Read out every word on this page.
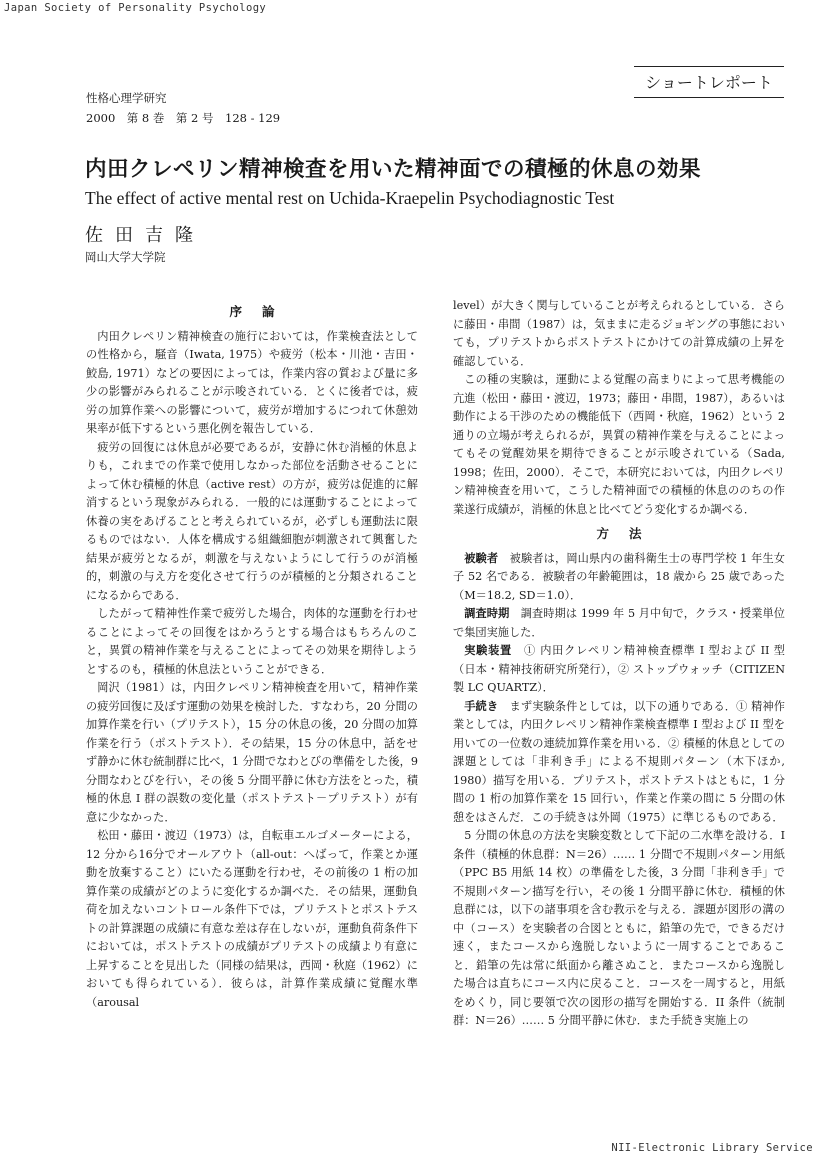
Japan Society of Personality Psychology
ショートレポート
性格心理学研究
2000　第 8 巻　第 2 号　128 - 129
内田クレペリン精神検査を用いた精神面での積極的休息の効果
The effect of active mental rest on Uchida-Kraepelin Psychodiagnostic Test
佐田吉隆
岡山大学大学院
序論

内田クレペリン精神検査の施行においては，作業検査法としての性格から，騒音（Iwata, 1975）や疲労（松本・川池・吉田・鮫島, 1971）などの要因によっては，作業内容の質および量に多少の影響がみられることが示唆されている．とくに後者では，疲労の加算作業への影響について，疲労が増加するにつれて休憩効果率が低下するという悪化例を報告している．

疲労の回復には休息が必要であるが，安静に休む消極的休息よりも，これまでの作業で使用しなかった部位を活動させることによって休む積極的休息（active rest）の方が，疲労は促進的に解消するという現象がみられる．一般的には運動することによって休養の実をあげることと考えられているが，必ずしも運動法に限るものではない．人体を構成する組織細胞が刺激されて興奮した結果が疲労となるが，刺激を与えないようにして行うのが消極的，刺激の与え方を変化させて行うのが積極的と分類されることになるからである．

したがって精神性作業で疲労した場合，肉体的な運動を行わせることによってその回復をはかろうとする場合はもちろんのこと，異質の精神作業を与えることによってその効果を期待しようとするのも，積極的休息法ということができる．

岡沢（1981）は，内田クレペリン精神検査を用いて，精神作業の疲労回復に及ぼす運動の効果を検討した．すなわち，20 分間の加算作業を行い（プリテスト），15 分の休息の後，20 分間の加算作業を行う（ポストテスト）．その結果，15 分の休息中，話をせず静かに休む統制群に比べ，1 分間でなわとびの準備をした後，9 分間なわとびを行い，その後 5 分間平静に休む方法をとった，積極的休息 I 群の誤数の変化量（ポストテスト－プリテスト）が有意に少なかった．

松田・藤田・渡辺（1973）は，自転車エルゴメーターによる，12 分から16分でオールアウト（all-out：へばって，作業とか運動を放棄すること）にいたる運動を行わせ，その前後の 1 桁の加算作業の成績がどのように変化するか調べた．その結果，運動負荷を加えないコントロール条件下では，プリテストとポストテストの計算課題の成績に有意な差は存在しないが，運動負荷条件下においては，ポストテストの成績がプリテストの成績より有意に上昇することを見出した（同様の結果は，西岡・秋庭（1962）においても得られている）．彼らは，計算作業成績に覚醒水準（arousal

level）が大きく関与していることが考えられるとしている．さらに藤田・串間（1987）は，気ままに走るジョギングの事態においても，プリテストからポストテストにかけての計算成績の上昇を確認している．

この種の実験は，運動による覚醒の高まりによって思考機能の亢進（松田・藤田・渡辺，1973；藤田・串間，1987），あるいは動作による干渉のための機能低下（西岡・秋庭，1962）という 2 通りの立場が考えられるが，異質の精神作業を与えることによってもその覚醒効果を期待できることが示唆されている（Sada, 1998；佐田，2000）．そこで，本研究においては，内田クレペリン精神検査を用いて，こうした精神面での積極的休息ののちの作業遂行成績が，消極的休息と比べてどう変化するか調べる．

方法

被験者　 被験者は，岡山県内の歯科衛生士の専門学校 1 年生女子 52 名である．被験者の年齢範囲は，18 歳から 25 歳であった（M＝18.2, SD＝1.0）．

調査時期　 調査時期は 1999 年 5 月中旬で，クラス・授業単位で集団実施した．

実験装置　 ① 内田クレペリン精神検査標準 I 型および II 型（日本・精神技術研究所発行），② ストップウォッチ（CITIZEN 製 LC QUARTZ）．

手続き　 まず実験条件としては，以下の通りである．① 精神作業としては，内田クレペリン精神作業検査標準 I 型および II 型を用いての一位数の連続加算作業を用いる．② 積極的休息としての課題としては「非利き手」による不規則パターン（木下ほか, 1980）描写を用いる．プリテスト，ポストテストはともに，1 分間の 1 桁の加算作業を 15 回行い，作業と作業の間に 5 分間の休憩をはさんだ．この手続きは外岡（1975）に準じるものである．

5 分間の休息の方法を実験変数として下記の二水準を設ける．I 条件（積極的休息群：N＝26）…… 1 分間で不規則パターン用紙（PPC B5 用紙 14 枚）の準備をした後，3 分間「非利き手」で不規則パターン描写を行い，その後 1 分間平静に休む．積極的休息群には，以下の諸事項を含む教示を与える．課題が図形の溝の中（コース）を実験者の合図とともに，鉛筆の先で，できるだけ速く，またコースから逸脱しないように一周することであること．鉛筆の先は常に紙面から離さぬこと．またコースから逸脱した場合は直ちにコース内に戻ること．コースを一周すると，用紙をめくり，同じ要領で次の図形の描写を開始する．II 条件（統制群：N＝26）…… 5 分間平静に休む．また手続き実施上の

NII-Electronic Library Service
